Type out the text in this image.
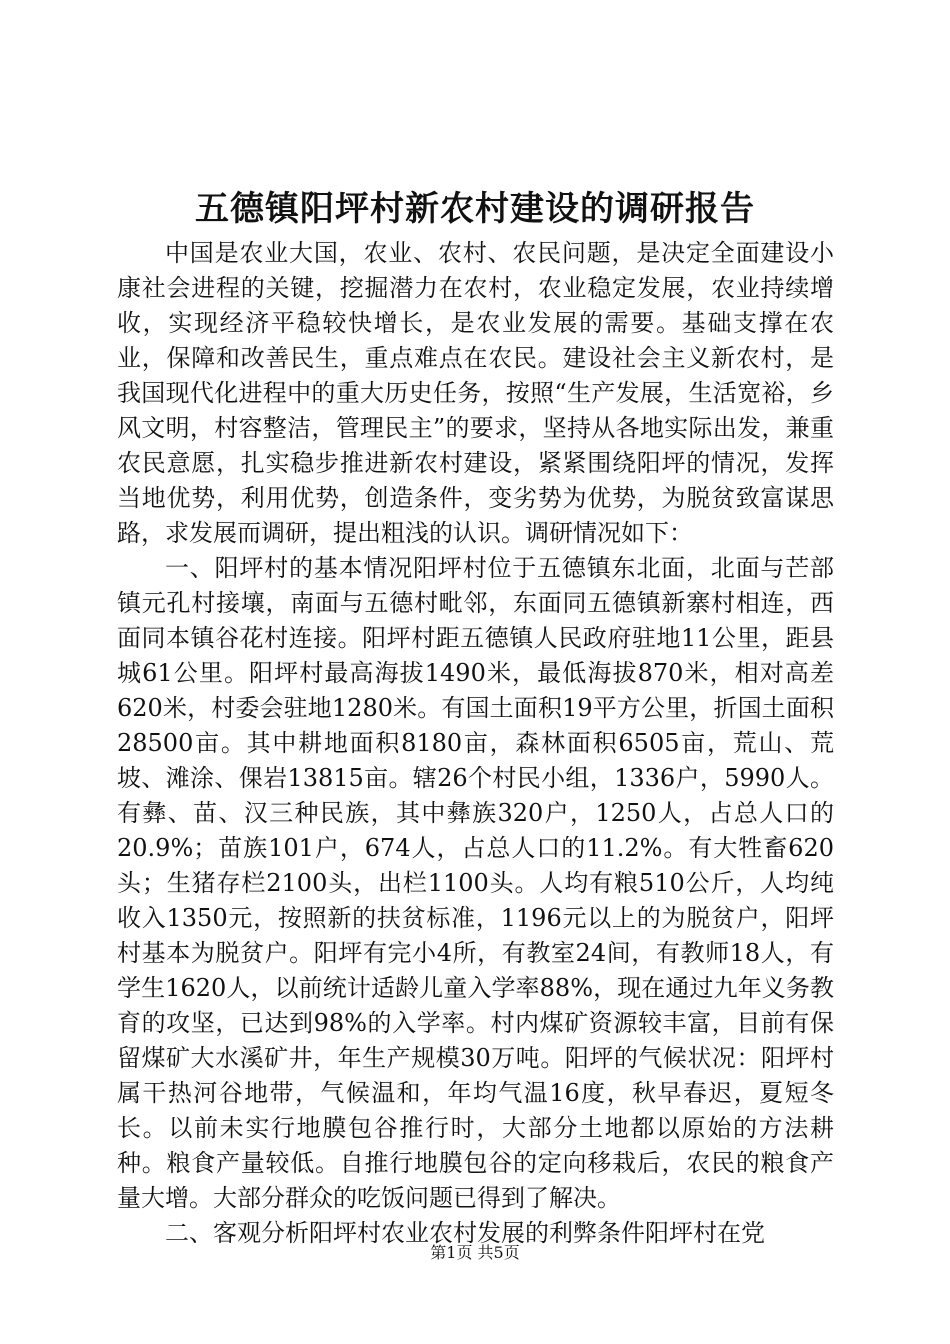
五德镇阳坪村新农村建设的调研报告

中国是农业大国，农业、农村、农民问题，是决定全面建设小康社会进程的关键，挖掘潜力在农村，农业稳定发展，农业持续增收，实现经济平稳较快增长，是农业发展的需要。基础支撑在农业，保障和改善民生，重点难点在农民。建设社会主义新农村，是我国现代化进程中的重大历史任务，按照“生产发展，生活宽裕，乡风文明，村容整洁，管理民主”的要求，坚持从各地实际出发，兼重农民意愿，扎实稳步推进新农村建设，紧紧围绕阳坪的情况，发挥当地优势，利用优势，创造条件，变劣势为优势，为脱贫致富谋思路，求发展而调研，提出粗浅的认识。调研情况如下：

一、阳坪村的基本情况阳坪村位于五德镇东北面，北面与芒部镇元孔村接壤，南面与五德村毗邻，东面同五德镇新寨村相连，西面同本镇谷花村连接。阳坪村距五德镇人民政府驻地11公里，距县城61公里。阳坪村最高海拔1490米，最低海拔870米，相对高差620米，村委会驻地1280米。有国土面积19平方公里，折国土面积28500亩。其中耕地面积8180亩，森林面积6505亩，荒山、荒坡、滩涂、倮岩13815亩。辖26个村民小组，1336户，5990人。有彝、苗、汉三种民族，其中彝族320户，1250人，占总人口的20.9%；苗族101户，674人，占总人口的11.2%。有大牲畜620头；生猪存栏2100头，出栏1100头。人均有粮510公斤，人均纯收入1350元，按照新的扶贫标准，1196元以上的为脱贫户，阳坪村基本为脱贫户。阳坪有完小4所，有教室24间，有教师18人，有学生1620人，以前统计适龄儿童入学率88%，现在通过九年义务教育的攻坚，已达到98%的入学率。村内煤矿资源较丰富，目前有保留煤矿大水溪矿井，年生产规模30万吨。阳坪的气候状况：阳坪村属干热河谷地带，气候温和，年均气温16度，秋早春迟，夏短冬长。以前未实行地膜包谷推行时，大部分土地都以原始的方法耕种。粮食产量较低。自推行地膜包谷的定向移栽后，农民的粮食产量大增。大部分群众的吃饭问题已得到了解决。

二、客观分析阳坪村农业农村发展的利弊条件阳坪村在党

第1页 共5页
